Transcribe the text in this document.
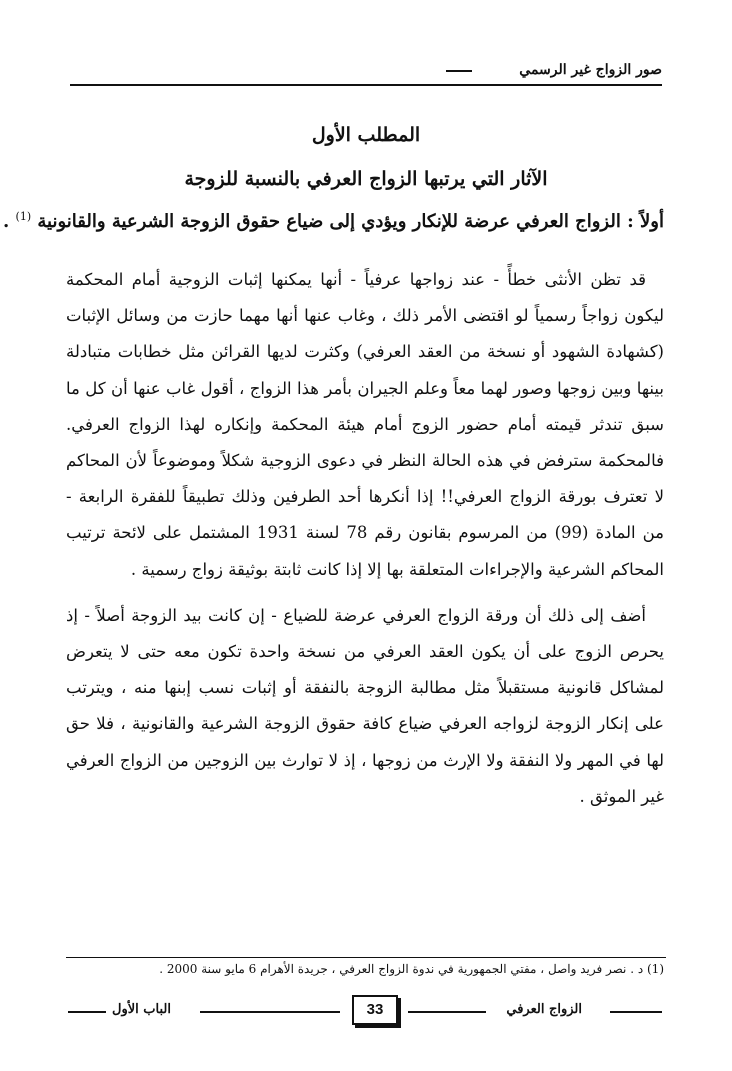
صور الزواج غير الرسمي
المطلب الأول
الآثار التي يرتبها الزواج العرفي بالنسبة للزوجة
أولاً : الزواج العرفي عرضة للإنكار ويؤدي إلى ضياع حقوق الزوجة الشرعية والقانونية $^{(1)}$ .

قد تظن الأنثى خطأً - عند زواجها عرفياً - أنها يمكنها إثبات الزوجية أمام المحكمة ليكون زواجاً رسمياً لو اقتضى الأمر ذلك ، وغاب عنها أنها مهما حازت من وسائل الإثبات (كشهادة الشهود أو نسخة من العقد العرفي) وكثرت لديها القرائن مثل خطابات متبادلة بينها وبين زوجها وصور لهما معاً وعلم الجيران بأمر هذا الزواج ، أقول غاب عنها أن كل ما سبق تندثر قيمته أمام حضور الزوج أمام هيئة المحكمة وإنكاره لهذا الزواج العرفي. فالمحكمة سترفض في هذه الحالة النظر في دعوى الزوجية شكلاً وموضوعاً لأن المحاكم لا تعترف بورقة الزواج العرفي!! إذا أنكرها أحد الطرفين وذلك تطبيقاً للفقرة الرابعة - من المادة (99) من المرسوم بقانون رقم 78 لسنة 1931 المشتمل على لائحة ترتيب المحاكم الشرعية والإجراءات المتعلقة بها إلا إذا كانت ثابتة بوثيقة زواج رسمية .

أضف إلى ذلك أن ورقة الزواج العرفي عرضة للضياع - إن كانت بيد الزوجة أصلاً - إذ يحرص الزوج على أن يكون العقد العرفي من نسخة واحدة تكون معه حتى لا يتعرض لمشاكل قانونية مستقبلاً مثل مطالبة الزوجة بالنفقة أو إثبات نسب إبنها منه ، ويترتب على إنكار الزوجة لزواجه العرفي ضياع كافة حقوق الزوجة الشرعية والقانونية ، فلا حق لها في المهر ولا النفقة ولا الإرث من زوجها ، إذ لا توارث بين الزوجين من الزواج العرفي غير الموثق .

(1) د . نصر فريد واصل ، مفتي الجمهورية في ندوة الزواج العرفي ، جريدة الأهرام 6 مايو سنة 2000 .
الزواج العرفي
33
الباب الأول
